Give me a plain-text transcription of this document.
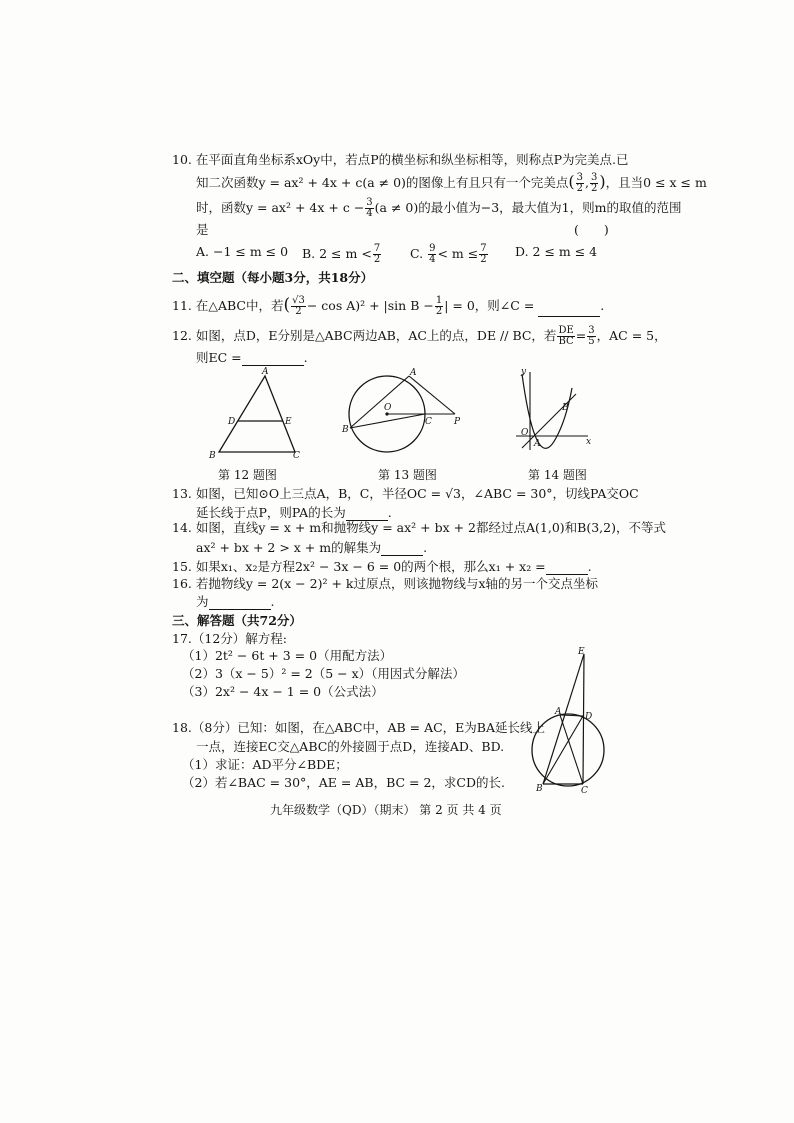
10. 在平面直角坐标系xOy中，若点P的横坐标和纵坐标相等，则称点P为完美点.已
知二次函数y = ax² + 4x + c(a ≠ 0)的图像上有且只有一个完美点( $\frac{3}{2}$ , $\frac{3}{2}$ )，且当0 ≤ x ≤ m
时，函数$y = ax^2 + 4x + c - \frac{3}{4} (a \ne 0)$的最小值为−3，最大值为1，则m的取值的范围
是	(　　)
A. −1 ≤ m ≤ 0 B. $2 \le m < \frac{7}{2} C$. $\frac{9}{4} < m \le \frac{7}{2} D$. 2 ≤ m ≤ 4
二、填空题（每小题3分，共18分）
11. 在△ABC中，若( $\frac{√3}{2} - \cos A)^2 + |\sin$ $B - \frac{1}{2}$ | = 0，则∠C =	.
12. 如图，点D，E分别是△ABC两边AB，AC上的点，DE // BC，若 $\frac{DE}{BC} = \frac{3}{5}$ ，AC = 5，
则EC =	.
A
D	E
B	C
A
O
B
C P
y
x
O
A
B
第 12 题图	第 13 题图	第 14 题图
13. 如图，已知⊙O上三点A，B，C，半径OC = √3，∠ABC = 30°，切线PA交OC
延长线于点P，则PA的长为	.
14. 如图，直线y = x + m和抛物线y = ax² + bx + 2都经过点A(1,0)和B(3,2)，不等式
ax² + bx + 2 > x + m的解集为	.
15. 如果x₁、x₂是方程2x² − 3x − 6 = 0的两个根，那么x₁ + x₂ =	.
16. 若抛物线y = 2(x − 2)² + k过原点，则该抛物线与x轴的另一个交点坐标
为	.
三、解答题（共72分）
17.（12分）解方程:
（1）2t² − 6t + 3 = 0（用配方法）
（2）3（x − 5）² = 2（5 − x）（用因式分解法）
（3）2x² − 4x − 1 = 0（公式法）
18.（8分）已知：如图，在△ABC中，AB = AC，E为BA延长线上
一点，连接EC交△ABC的外接圆于点D，连接AD、BD.
（1）求证：AD平分∠BDE；
（2）若∠BAC = 30°，AE = AB，BC = 2，求CD的长.
E
A	D
B	C
九年级数学（QD）（期末） 第 2 页 共 4 页
